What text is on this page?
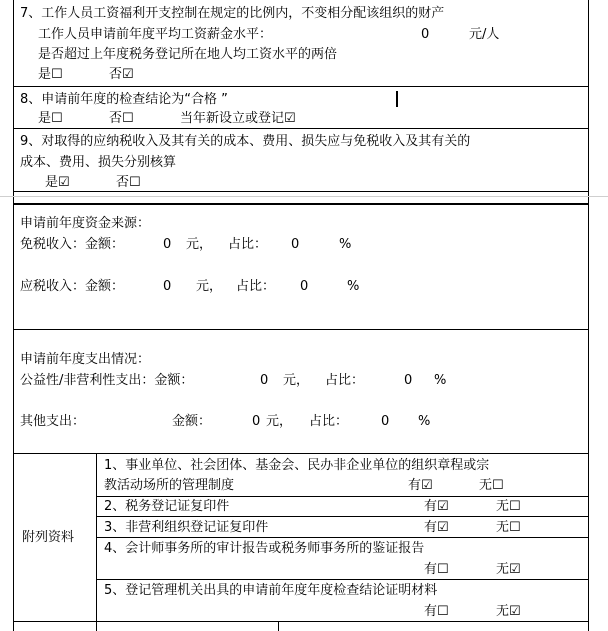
7、工作人员工资福利开支控制在规定的比例内，不变相分配该组织的财产
工作人员申请前年度平均工资薪金水平：	0	元/人
是否超过上年度税务登记所在地人均工资水平的两倍
是☐	否☑
8、申请前年度的检查结论为“合格 ”
是☐	否☐	当年新设立或登记☑
9、对取得的应纳税收入及其有关的成本、费用、损失应与免税收入及其有关的
成本、费用、损失分别核算
是☑	否☐
申请前年度资金来源：
免税收入：金额：	0 元， 占比： 0	%
应税收入：金额：	0 元， 占比： 0	%
申请前年度支出情况：
公益性/非营利性支出：金额：	0 元， 占比：	0 %
其他支出：	金额：	0 元， 占比：	0 %
附列资料
1、事业单位、社会团体、基金会、民办非企业单位的组织章程或宗
教活动场所的管理制度	有☑	无☐
2、税务登记证复印件	有☑	无☐
3、非营利组织登记证复印件	有☑	无☐
4、会计师事务所的审计报告或税务师事务所的鉴证报告
有☐	无☑
5、登记管理机关出具的申请前年度年度检查结论证明材料
有☐	无☑
